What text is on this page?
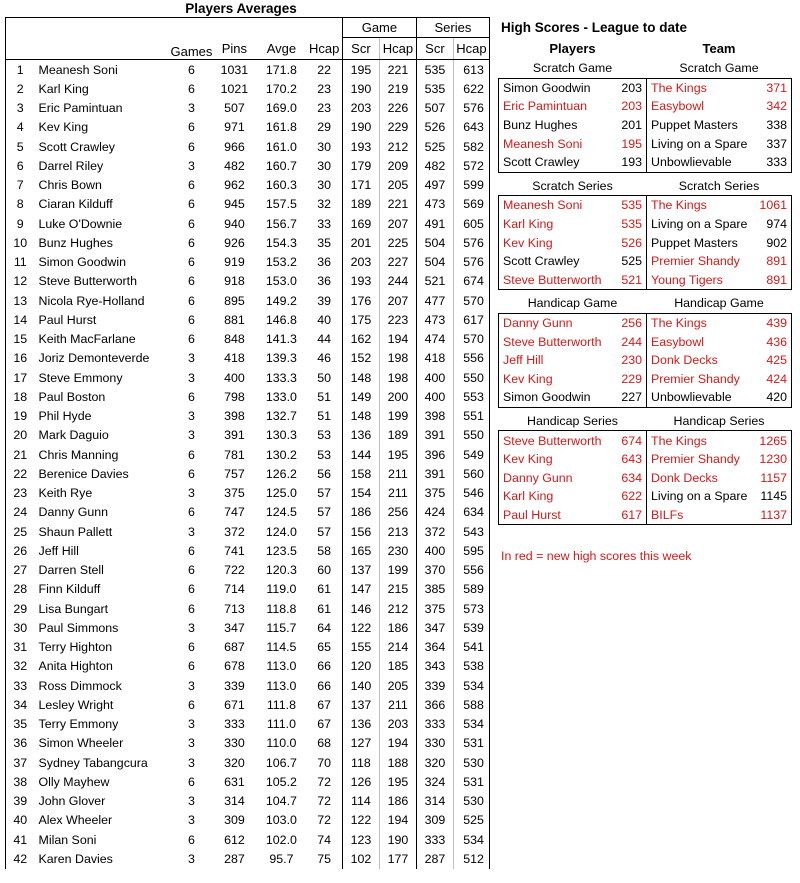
Players Averages
						Game		Series	
		Games	Pins	Avge	Hcap	Scr	Hcap	Scr	Hcap
1	Meanesh Soni	6	1031	171.8	22	195	221	535	613
2	Karl King	6	1021	170.2	23	190	219	535	622
3	Eric Pamintuan	3	507	169.0	23	203	226	507	576
4	Kev King	6	971	161.8	29	190	229	526	643
5	Scott Crawley	6	966	161.0	30	193	212	525	582
6	Darrel Riley	3	482	160.7	30	179	209	482	572
7	Chris Bown	6	962	160.3	30	171	205	497	599
8	Ciaran Kilduff	6	945	157.5	32	189	221	473	569
9	Luke O'Downie	6	940	156.7	33	169	207	491	605
10	Bunz Hughes	6	926	154.3	35	201	225	504	576
11	Simon Goodwin	6	919	153.2	36	203	227	504	576
12	Steve Butterworth	6	918	153.0	36	193	244	521	674
13	Nicola Rye-Holland	6	895	149.2	39	176	207	477	570
14	Paul Hurst	6	881	146.8	40	175	223	473	617
15	Keith MacFarlane	6	848	141.3	44	162	194	474	570
16	Joriz Demonteverde	3	418	139.3	46	152	198	418	556
17	Steve Emmony	3	400	133.3	50	148	198	400	550
18	Paul Boston	6	798	133.0	51	149	200	400	553
19	Phil Hyde	3	398	132.7	51	148	199	398	551
20	Mark Daguio	3	391	130.3	53	136	189	391	550
21	Chris Manning	6	781	130.2	53	144	195	396	549
22	Berenice Davies	6	757	126.2	56	158	211	391	560
23	Keith Rye	3	375	125.0	57	154	211	375	546
24	Danny Gunn	6	747	124.5	57	186	256	424	634
25	Shaun Pallett	3	372	124.0	57	156	213	372	543
26	Jeff Hill	6	741	123.5	58	165	230	400	595
27	Darren Stell	6	722	120.3	60	137	199	370	556
28	Finn Kilduff	6	714	119.0	61	147	215	385	589
29	Lisa Bungart	6	713	118.8	61	146	212	375	573
30	Paul Simmons	3	347	115.7	64	122	186	347	539
31	Terry Highton	6	687	114.5	65	155	214	364	541
32	Anita Highton	6	678	113.0	66	120	185	343	538
33	Ross Dimmock	3	339	113.0	66	140	205	339	534
34	Lesley Wright	6	671	111.8	67	137	211	366	588
35	Terry Emmony	3	333	111.0	67	136	203	333	534
36	Simon Wheeler	3	330	110.0	68	127	194	330	531
37	Sydney Tabangcura	3	320	106.7	70	118	188	320	530
38	Olly Mayhew	6	631	105.2	72	126	195	324	531
39	John Glover	3	314	104.7	72	114	186	314	530
40	Alex Wheeler	3	309	103.0	72	122	194	309	525
41	Milan Soni	6	612	102.0	74	123	190	333	534
42	Karen Davies	3	287	95.7	75	102	177	287	512
High Scores - League to date
Players		Team	
Scratch Game		Scratch Game	
Simon Goodwin	203	The Kings	371
Eric Pamintuan	203	Easybowl	342
Bunz Hughes	201	Puppet Masters	338
Meanesh Soni	195	Living on a Spare	337
Scott Crawley	193	Unbowlievable	333

Scratch Series		Scratch Series	
Meanesh Soni	535	The Kings	1061
Karl King	535	Living on a Spare	974
Kev King	526	Puppet Masters	902
Scott Crawley	525	Premier Shandy	891
Steve Butterworth	521	Young Tigers	891

Handicap Game		Handicap Game	
Danny Gunn	256	The Kings	439
Steve Butterworth	244	Easybowl	436
Jeff Hill	230	Donk Decks	425
Kev King	229	Premier Shandy	424
Simon Goodwin	227	Unbowlievable	420

Handicap Series		Handicap Series	
Steve Butterworth	674	The Kings	1265
Kev King	643	Premier Shandy	1230
Danny Gunn	634	Donk Decks	1157
Karl King	622	Living on a Spare	1145
Paul Hurst	617	BILFs	1137
In red = new high scores this week
